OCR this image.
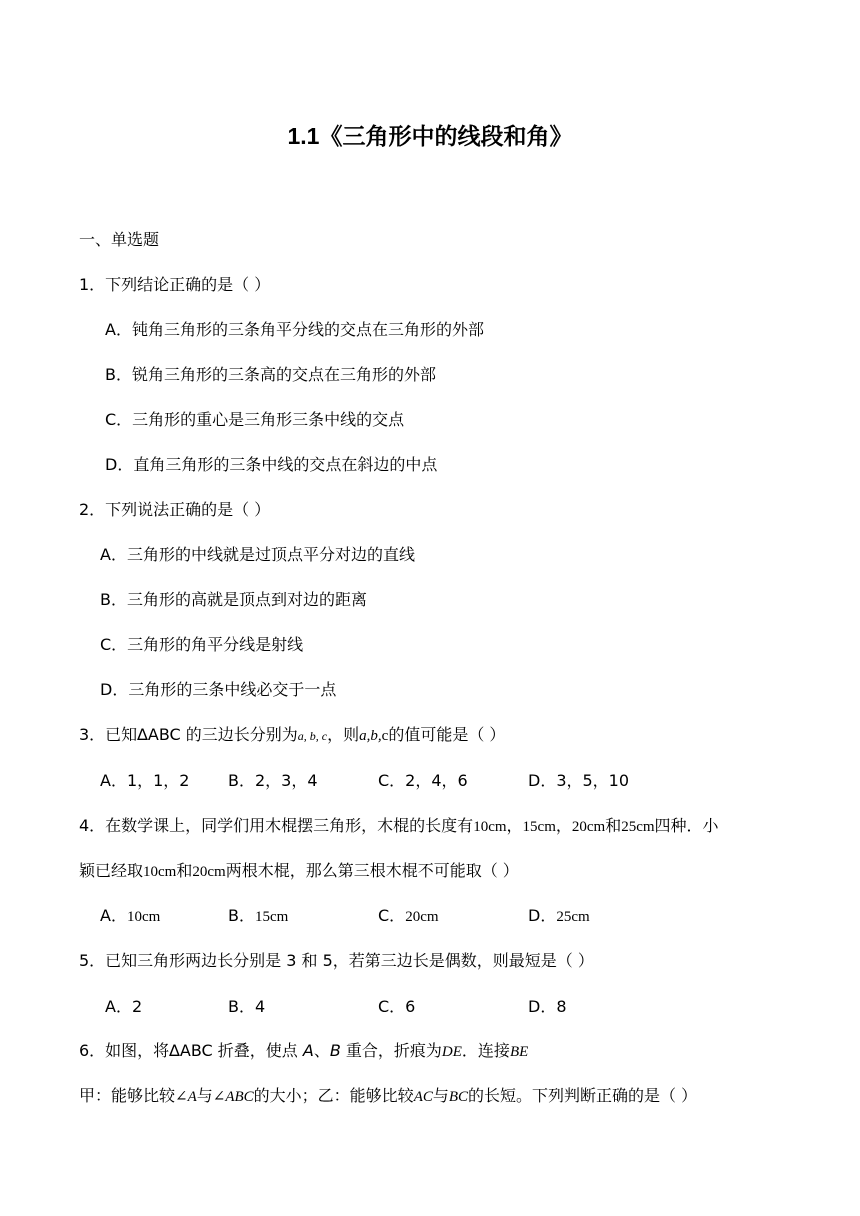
1.1《三角形中的线段和角》
一、单选题
1．下列结论正确的是（ ）
A．钝角三角形的三条角平分线的交点在三角形的外部
B．锐角三角形的三条高的交点在三角形的外部
C．三角形的重心是三角形三条中线的交点
D．直角三角形的三条中线的交点在斜边的中点
2．下列说法正确的是（ ）
A．三角形的中线就是过顶点平分对边的直线
B．三角形的高就是顶点到对边的距离
C．三角形的角平分线是射线
D．三角形的三条中线必交于一点
3．已知∆ABC 的三边长分别为a, b, c，则a,b,c的值可能是（ ）
A．1，1，2 B．2，3，4	C．2，4，6	D．3，5，10
4．在数学课上，同学们用木棍摆三角形，木棍的长度有10cm，15cm，20cm和25cm四种．小
颖已经取10cm和20cm两根木棍，那么第三根木棍不可能取（ ）
A．10cm	B．15cm	C．20cm	D．25cm
5．已知三角形两边长分别是 3 和 5，若第三边长是偶数，则最短是（ ）
A．2	B．4	C．6	D．8
6．如图，将∆ABC 折叠，使点 A、B 重合，折痕为DE．连接BE
甲：能够比较∠A与∠ABC的大小；乙：能够比较AC与BC的长短。下列判断正确的是（ ）
